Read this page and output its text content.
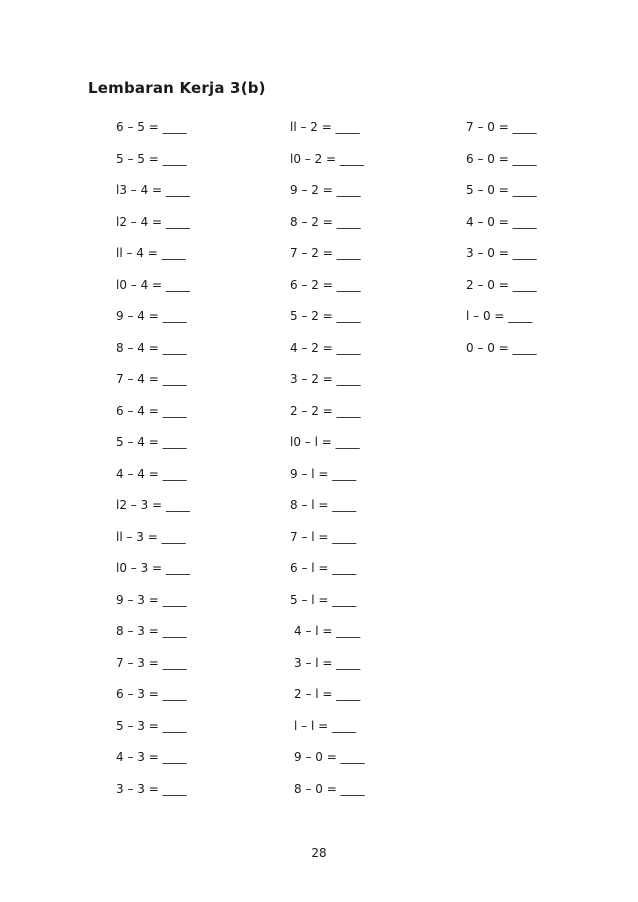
Lembaran Kerja 3(b)
6 – 5 = ____
5 – 5 = ____
l3 – 4 = ____
l2 – 4 = ____
ll – 4 = ____
l0 – 4 = ____
9 – 4 = ____
8 – 4 = ____
7 – 4 = ____
6 – 4 = ____
5 – 4 = ____
4 – 4 = ____
l2 – 3 = ____
ll – 3 = ____
l0 – 3 = ____
9 – 3 = ____
8 – 3 = ____
7 – 3 = ____
6 – 3 = ____
5 – 3 = ____
4 – 3 = ____
3 – 3 = ____
ll – 2 = ____
l0 – 2 = ____
9 – 2 = ____
8 – 2 = ____
7 – 2 = ____
6 – 2 = ____
5 – 2 = ____
4 – 2 = ____
3 – 2 = ____
2 – 2 = ____
l0 – l = ____
9 – l = ____
8 – l = ____
7 – l = ____
6 – l = ____
5 – l = ____
4 – l = ____
3 – l = ____
2 – l = ____
l – l = ____
9 – 0 = ____
8 – 0 = ____
7 – 0 = ____
6 – 0 = ____
5 – 0 = ____
4 – 0 = ____
3 – 0 = ____
2 – 0 = ____
l – 0 = ____
0 – 0 = ____
28
